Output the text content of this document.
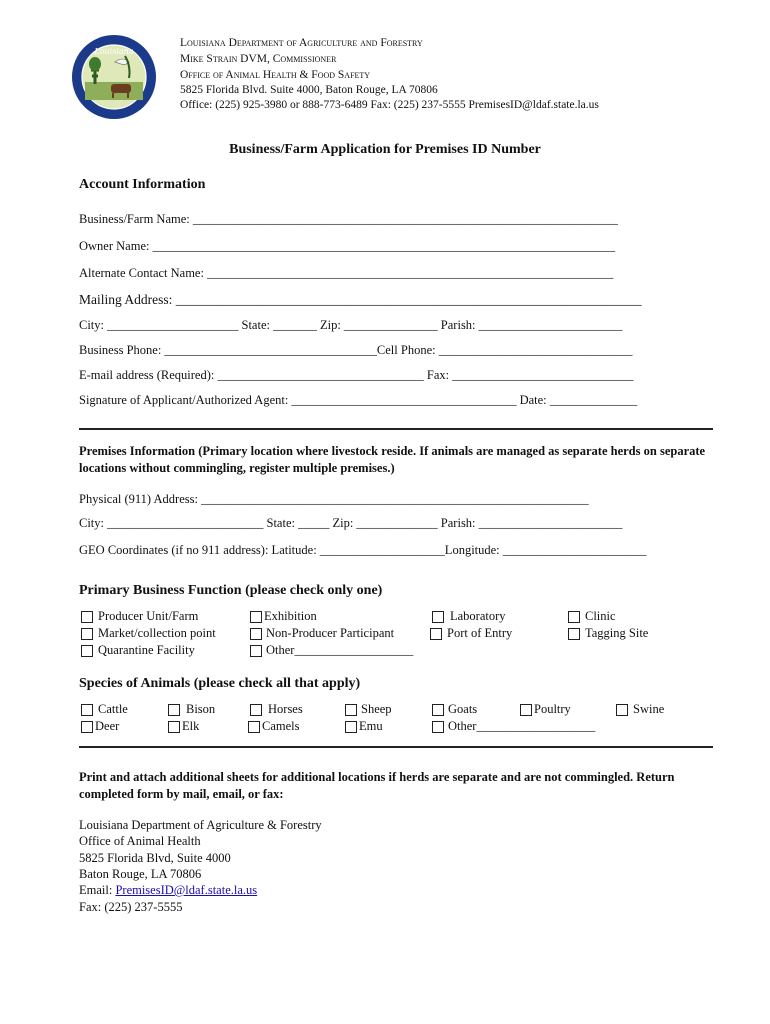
Louisiana
Louisiana Department of Agriculture and Forestry
Mike Strain DVM, Commissioner
Office of Animal Health & Food Safety
5825 Florida Blvd. Suite 4000, Baton Rouge, LA 70806
Office: (225) 925-3980 or 888-773-6489 Fax: (225) 237-5555 PremisesID@ldaf.state.la.us
Business/Farm Application for Premises ID Number
Account Information
Business/Farm Name: ____________________________________________________________________
Owner Name: __________________________________________________________________________
Alternate Contact Name: _________________________________________________________________
Mailing Address: _____________________________________________________________________
City: _____________________ State: _______ Zip: _______________ Parish: _______________________
Business Phone: __________________________________Cell Phone: _______________________________
E-mail address (Required): _________________________________ Fax: _____________________________
Signature of Applicant/Authorized Agent: ____________________________________ Date: ______________
Premises Information (Primary location where livestock reside. If animals are managed as separate herds on separate locations without commingling, register multiple premises.)
Physical (911) Address: ______________________________________________________________
City: _________________________ State: _____ Zip: _____________ Parish: _______________________
GEO Coordinates (if no 911 address): Latitude: ____________________Longitude: _______________________
Primary Business Function (please check only one)
Producer Unit/Farm
Market/collection point
Quarantine Facility
Exhibition
Non-Producer Participant
Other___________________
Laboratory
Port of Entry
Clinic
Tagging Site
Species of Animals (please check all that apply)
Cattle
Deer
Bison
Elk
Horses
Camels
Sheep
Emu
Goats
Other___________________
Poultry	Swine
Print and attach additional sheets for additional locations if herds are separate and are not commingled. Return completed form by mail, email, or fax:
Louisiana Department of Agriculture & Forestry
Office of Animal Health
5825 Florida Blvd, Suite 4000
Baton Rouge, LA 70806
Email: PremisesID@ldaf.state.la.us
Fax: (225) 237-5555
